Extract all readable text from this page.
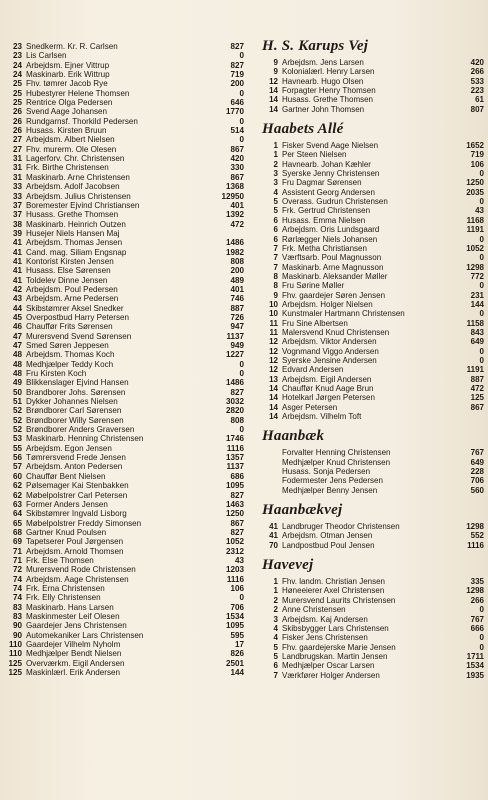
23 Snedkerm. Kr. R. Carlsen	827
23 Lis Carlsen	0
24 Arbejdsm. Ejner Vittrup	827
24 Maskinarb. Erik Wittrup	719
25 Fhv. tømrer Jacob Rye	200
25 Hubestyrer Helene Thomsen	0
25 Rentrice Olga Pedersen	646
26 Svend Aage Johansen	1770
26 Rundgarnsf. Thorkild Pedersen	0
26 Husass. Kirsten Bruun	514
27 Arbejdsm. Albert Nielsen	0
27 Fhv. murerm. Ole Olesen	867
31 Lagerforv. Chr. Christensen	420
31 Frk. Birthe Christensen	330
31 Maskinarb. Arne Christensen	867
33 Arbejdsm. Adolf Jacobsen	1368
33 Arbejdsm. Julius Christensen	12950
37 Boremester Ejvind Christiansen	401
37 Husass. Grethe Thomsen	1392
38 Maskinarb. Heinrich Outzen	472
39 Husejer Niels Hansen Maj
41 Arbejdsm. Thomas Jensen	1486
41 Cand. mag. Siliam Engsnap	1982
41 Kontorist Kirsten Jensen	808
41 Husass. Else Sørensen	200
41 Toldelev Dinne Jensen	489
42 Arbejdsm. Poul Pedersen	401
43 Arbejdsm. Arne Pedersen	746
44 Skibstømrer Aksel Snedker	887
45 Overpostbud Harry Petersen	726
46 Chauffør Frits Sørensen	947
47 Murersvend Svend Sørensen	1137
47 Smed Søren Jeppesen	949
48 Arbejdsm. Thomas Koch	1227
48 Medhjælper Teddy Koch	0
48 Fru Kirsten Koch	0
49 Blikkenslager Ejvind Hansen	1486
50 Brandborer Johs. Sørensen	827
51 Dykker Johannes Nielsen	3032
52 Brøndborer Carl Sørensen	2820
52 Brøndborer Willy Sørensen	808
52 Brøndborer Anders Graversen	0
53 Maskinarb. Henning Christensen	1746
55 Arbejdsm. Egon Jensen	1116
56 Tømrersvend Frede Jensen	1357
57 Arbejdsm. Anton Pedersen	1137
60 Chauffør Bent Nielsen	686
62 Pølsemager Kai Stenbakken	1095
62 Møbelpolstrer Carl Petersen	827
63 Former Anders Jensen	1463
64 Skibstømrer Ingvald Lisborg	1250
65 Møbelpolstrer Freddy Simonsen	867
68 Gartner Knud Poulsen	827
69 Tapetserer Poul Jørgensen	1052
71 Arbejdsm. Arnold Thomsen	2312
71 Frk. Else Thomsen	43
72 Murersvend Rode Christensen	1203
74 Arbejdsm. Aage Christensen	1116
74 Frk. Erna Christensen	106
74 Frk. Elly Christensen	0
83 Maskinarb. Hans Larsen	706
83 Maskinmester Leif Olesen	1534
90 Gaardejer Jens Christensen	1095
90 Automekaniker Lars Christensen	595
110 Gaardejer Vilhelm Nyholm	17
110 Medhjælper Bendt Nielsen	826
125 Overværkm. Eigil Andersen	2501
125 Maskinlærl. Erik Andersen	144
H. S. Karups Vej
9 Arbejdsm. Jens Larsen	420
9 Kolonialærl. Henry Larsen	266
12 Havnearb. Hugo Olsen	533
14 Forpagter Henry Thomsen	223
14 Husass. Grethe Thomsen	61
14 Gartner John Thomsen	807
Haabets Allé
1 Fisker Svend Aage Nielsen	1652
1 Per Steen Nielsen	719
2 Havnearb. Johan Kæhler	106
3 Syerske Jenny Christensen	0
3 Fru Dagmar Sørensen	1250
4 Assistent Georg Andersen	2035
5 Overass. Gudrun Christensen	0
5 Frk. Gertrud Christensen	43
6 Husass. Emma Nielsen	1168
6 Arbejdsm. Oris Lundsgaard	1191
6 Rørlægger Niels Johansen	0
7 Frk. Metha Christiansen	1052
7 Værftsarb. Poul Magnusson	0
7 Maskinarb. Arne Magnusson	1298
8 Maskinarb. Aleksander Møller	772
8 Fru Sørine Møller	0
9 Fhv. gaardejer Søren Jensen	231
10 Arbejdsm. Holger Nielsen	144
10 Kunstmaler Hartmann Christensen	0
11 Fru Sine Albertsen	1158
11 Malersvend Knud Christensen	843
12 Arbejdsm. Viktor Andersen	649
12 Vognmand Viggo Andersen	0
12 Syerske Jensine Andersen	0
12 Edvard Andersen	1191
13 Arbejdsm. Eigil Andersen	887
14 Chauffør Knud Aage Brun	472
14 Hotelkarl Jørgen Petersen	125
14 Asger Petersen	867
14 Arbejdsm. Vilhelm Toft
Haanbæk
Forvalter Henning Christensen	767
Medhjælper Knud Christensen	649
Husass. Sonja Pedersen	228
Fodermester Jens Pedersen	706
Medhjælper Benny Jensen	560
Haanbækvej
41 Landbruger Theodor Christensen	1298
41 Arbejdsm. Otman Jensen	552
70 Landpostbud Poul Jensen	1116
Havevej
1 Fhv. landm. Christian Jensen	335
1 Høneeierer Axel Christensen	1298
2 Murersvend Laurits Christensen	266
2 Anne Christensen	0
3 Arbejdsm. Kaj Andersen	767
4 Skibsbygger Lars Christensen	666
4 Fisker Jens Christensen	0
5 Fhv. gaardejerske Marie Jensen	0
5 Landbrugskan. Martin Jensen	1711
6 Medhjælper Oscar Larsen	1534
7 Værkfører Holger Andersen	1935
